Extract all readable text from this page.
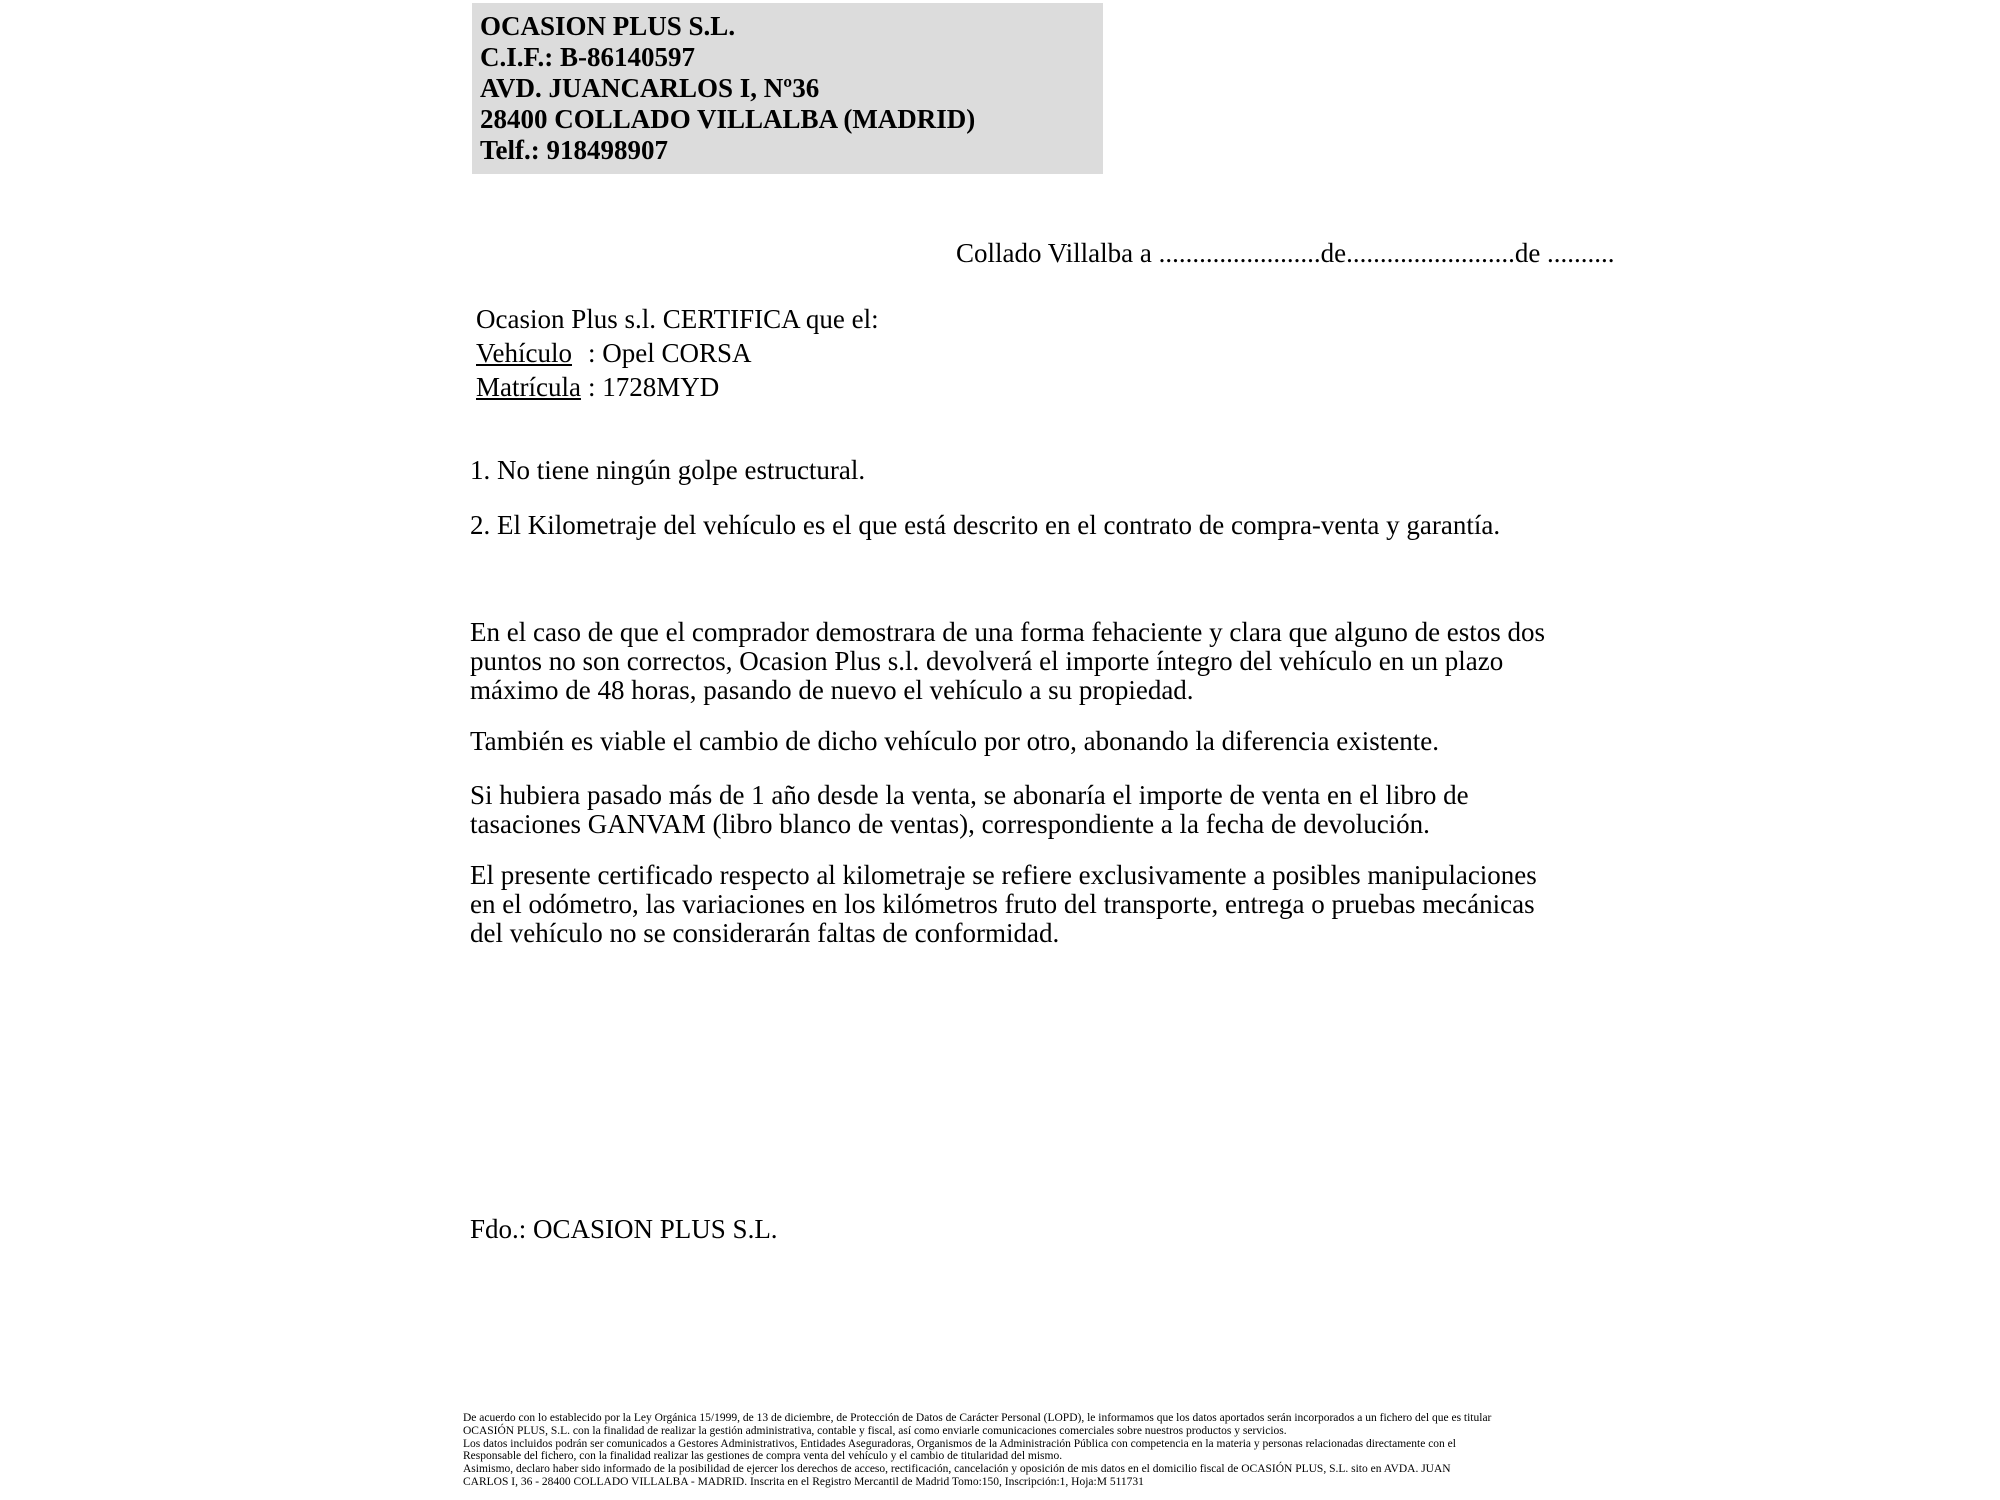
OCASION PLUS S.L.
C.I.F.: B-86140597
AVD. JUANCARLOS I, Nº36
28400 COLLADO VILLALBA (MADRID)
Telf.: 918498907
Collado Villalba a ........................de.........................de ..........
Ocasion Plus s.l. CERTIFICA que el:
Vehículo : Opel CORSA
Matrícula : 1728MYD
1. No tiene ningún golpe estructural.
2. El Kilometraje del vehículo es el que está descrito en el contrato de compra-venta y garantía.
En el caso de que el comprador demostrara de una forma fehaciente y clara que alguno de estos dos puntos no son correctos, Ocasion Plus s.l. devolverá el importe íntegro del vehículo en un plazo máximo de 48 horas, pasando de nuevo el vehículo a su propiedad.
También es viable el cambio de dicho vehículo por otro, abonando la diferencia existente.
Si hubiera pasado más de 1 año desde la venta, se abonaría el importe de venta en el libro de tasaciones GANVAM (libro blanco de ventas), correspondiente a la fecha de devolución.
El presente certificado respecto al kilometraje se refiere exclusivamente a posibles manipulaciones en el odómetro, las variaciones en los kilómetros fruto del transporte, entrega o pruebas mecánicas del vehículo no se considerarán faltas de conformidad.
Fdo.: OCASION PLUS S.L.
De acuerdo con lo establecido por la Ley Orgánica 15/1999, de 13 de diciembre, de Protección de Datos de Carácter Personal (LOPD), le informamos que los datos aportados serán incorporados a un fichero del que es titular
OCASIÓN PLUS, S.L. con la finalidad de realizar la gestión administrativa, contable y fiscal, así como enviarle comunicaciones comerciales sobre nuestros productos y servicios.
Los datos incluidos podrán ser comunicados a Gestores Administrativos, Entidades Aseguradoras, Organismos de la Administración Pública con competencia en la materia y personas relacionadas directamente con el
Responsable del fichero, con la finalidad realizar las gestiones de compra venta del vehículo y el cambio de titularidad del mismo.
Asimismo, declaro haber sido informado de la posibilidad de ejercer los derechos de acceso, rectificación, cancelación y oposición de mis datos en el domicilio fiscal de OCASIÓN PLUS, S.L. sito en AVDA. JUAN
CARLOS I, 36 - 28400 COLLADO VILLALBA - MADRID. Inscrita en el Registro Mercantil de Madrid Tomo:150, Inscripción:1, Hoja:M 511731
